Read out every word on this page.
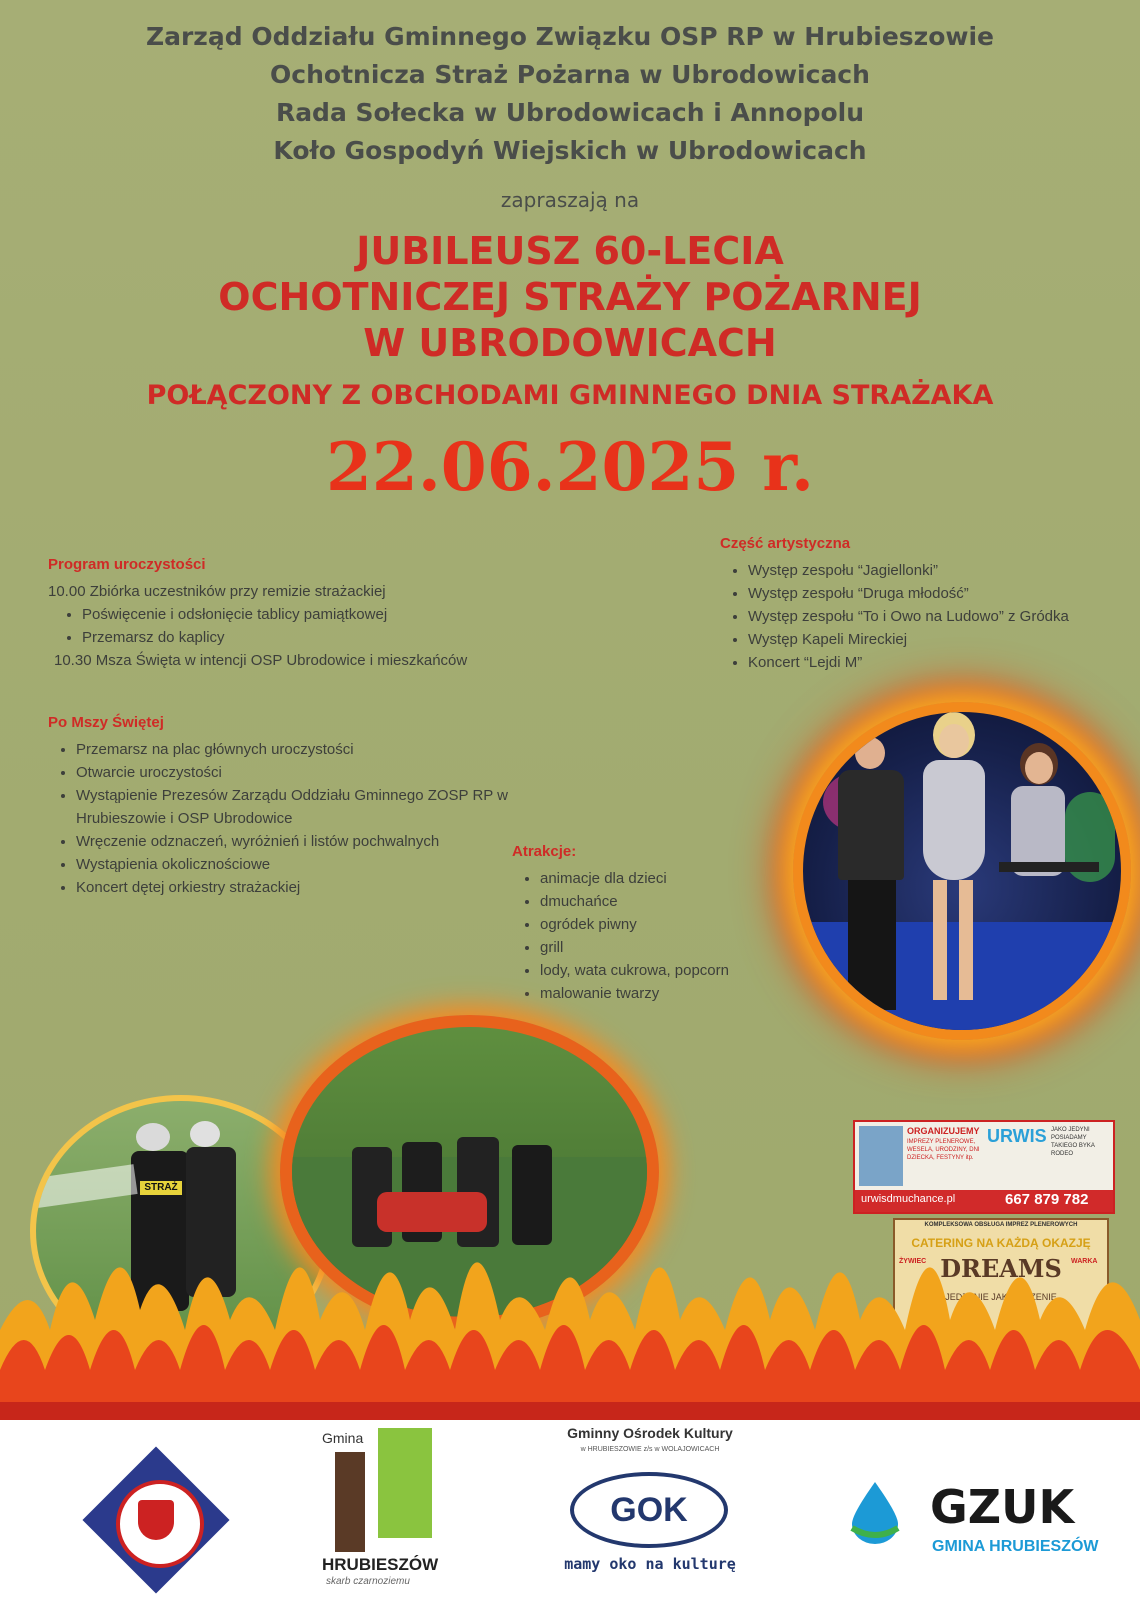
Zarząd Oddziału Gminnego Związku OSP RP w Hrubieszowie
Ochotnicza Straż Pożarna w Ubrodowicach
Rada Sołecka w Ubrodowicach i Annopolu
Koło Gospodyń Wiejskich w Ubrodowicach
zapraszają na
JUBILEUSZ 60-LECIA
OCHOTNICZEJ STRAŻY POŻARNEJ
W UBRODOWICACH
POŁĄCZONY Z OBCHODAMI GMINNEGO DNIA STRAŻAKA
22.06.2025 r.
Program uroczystości
10.00 Zbiórka uczestników przy remizie strażackiej
• Poświęcenie i odsłonięcie tablicy pamiątkowej
• Przemarsz do kaplicy
10.30 Msza Święta w intencji OSP Ubrodowice i mieszkańców
Po Mszy Świętej
• Przemarsz na plac głównych uroczystości
• Otwarcie uroczystości
• Wystąpienie Prezesów Zarządu Oddziału Gminnego ZOSP RP w Hrubieszowie i OSP Ubrodowice
• Wręczenie odznaczeń, wyróżnień i listów pochwalnych
• Wystąpienia okolicznościowe
• Koncert dętej orkiestry strażackiej
Część artystyczna
• Występ zespołu “Jagiellonki”
• Występ zespołu “Druga młodość”
• Występ zespołu “To i Owo na Ludowo” z Gródka
• Występ Kapeli Mireckiej
• Koncert “Lejdi M”
Atrakcje:
• animacje dla dzieci
• dmuchańce
• ogródek piwny
• grill
• lody, wata cukrowa, popcorn
• malowanie twarzy
STRAŻ
ORGANIZUJEMY
IMPREZY PLENEROWE, WESELA, URODZINY, DNI DZIECKA, FESTYNY itp.
URWIS JAKO JEDYNI POSIADAMY TAKIEGO BYKA RODEO
urwisdmuchance.pl	667 879 782
KOMPLEKSOWA OBSŁUGA IMPREZ PLENEROWYCH
CATERING NA KAŻDĄ OKAZJĘ
ŻYWIEC DREAMS	WARKA
JEDZENIE JAK MARZENIE
Gmina
HRUBIESZÓW
skarb czarnoziemu
Gminny Ośrodek Kultury
w HRUBIESZOWIE z/s w WOLAJOWICACH
GOK
mamy oko na kulturę
GZUK
GMINA HRUBIESZÓW
